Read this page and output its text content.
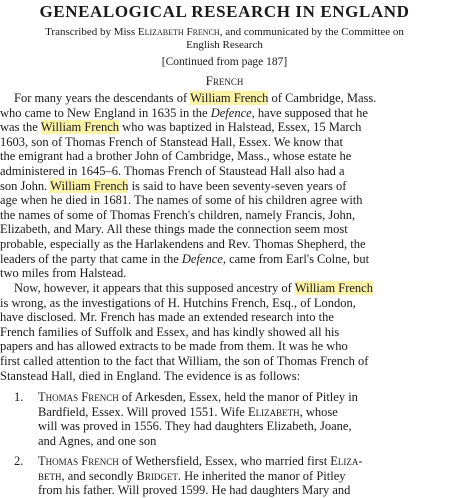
GENEALOGICAL RESEARCH IN ENGLAND
Transcribed by Miss Elizabeth French, and communicated by the Committee on
English Research
[Continued from page 187]
French
For many years the descendants of William French of Cambridge, Mass.
who came to New England in 1635 in the Defence, have supposed that he
was the William French who was baptized in Halstead, Essex, 15 March
1603, son of Thomas French of Stanstead Hall, Essex. We know that
the emigrant had a brother John of Cambridge, Mass., whose estate he
administered in 1645–6. Thomas French of Staustead Hall also had a
son John. William French is said to have been seventy-seven years of
age when he died in 1681. The names of some of his children agree with
the names of some of Thomas French's children, namely Francis, John,
Elizabeth, and Mary. All these things made the connection seem most
probable, especially as the Harlakendens and Rev. Thomas Shepherd, the
leaders of the party that came in the Defence, came from Earl's Colne, but
two miles from Halstead.
Now, however, it appears that this supposed ancestry of William French
is wrong, as the investigations of H. Hutchins French, Esq., of London,
have disclosed. Mr. French has made an extended research into the
French families of Suffolk and Essex, and has kindly showed all his
papers and has allowed extracts to be made from them. It was he who
first called attention to the fact that William, the son of Thomas French of
Stanstead Hall, died in England. The evidence is as follows:
1. Thomas French of Arkesden, Essex, held the manor of Pitley in
Bardfield, Essex. Will proved 1551. Wife Elizabeth, whose
will was proved in 1556. They had daughters Elizabeth, Joane,
and Agnes, and one son
2. Thomas French of Wethersfield, Essex, who married first Eliza-
beth, and secondly Bridget. He inherited the manor of Pitley
from his father. Will proved 1599. He had daughters Mary and
